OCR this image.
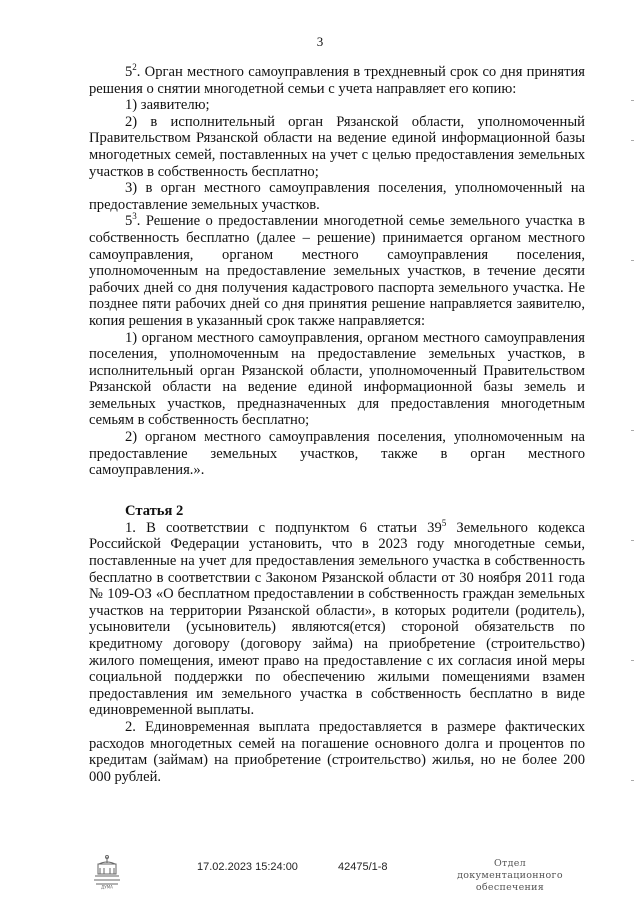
3

$5^2$. Орган местного самоуправления в трехдневный срок со дня принятия решения о снятии многодетной семьи с учета направляет его копию:

1) заявителю;

2) в исполнительный орган Рязанской области, уполномоченный Правительством Рязанской области на ведение единой информационной базы многодетных семей, поставленных на учет с целью предоставления земельных участков в собственность бесплатно;

3) в орган местного самоуправления поселения, уполномоченный на предоставление земельных участков.

$5^3$. Решение о предоставлении многодетной семье земельного участка в собственность бесплатно (далее – решение) принимается органом местного самоуправления, органом местного самоуправления поселения, уполномоченным на предоставление земельных участков, в течение десяти рабочих дней со дня получения кадастрового паспорта земельного участка. Не позднее пяти рабочих дней со дня принятия решение направляется заявителю, копия решения в указанный срок также направляется:

1) органом местного самоуправления, органом местного самоуправления поселения, уполномоченным на предоставление земельных участков, в исполнительный орган Рязанской области, уполномоченный Правительством Рязанской области на ведение единой информационной базы земель и земельных участков, предназначенных для предоставления многодетным семьям в собственность бесплатно;

2) органом местного самоуправления поселения, уполномоченным на предоставление земельных участков, также в орган местного самоуправления.».

Статья 2

1. В соответствии с подпунктом 6 статьи $39^5$ Земельного кодекса Российской Федерации установить, что в 2023 году многодетные семьи, поставленные на учет для предоставления земельного участка в собственность бесплатно в соответствии с Законом Рязанской области от 30 ноября 2011 года № 109-ОЗ «О бесплатном предоставлении в собственность граждан земельных участков на территории Рязанской области», в которых родители (родитель), усыновители (усыновитель) являются(ется) стороной обязательств по кредитному договору (договору займа) на приобретение (строительство) жилого помещения, имеют право на предоставление с их согласия иной меры социальной поддержки по обеспечению жилыми помещениями взамен предоставления им земельного участка в собственность бесплатно в виде единовременной выплаты.

2. Единовременная выплата предоставляется в размере фактических расходов многодетных семей на погашение основного долга и процентов по кредитам (займам) на приобретение (строительство) жилья, но не более 200 000 рублей.

ДУМА
17.02.2023 15:24:00	42475/1-8	Отдел документационного
обеспечения
